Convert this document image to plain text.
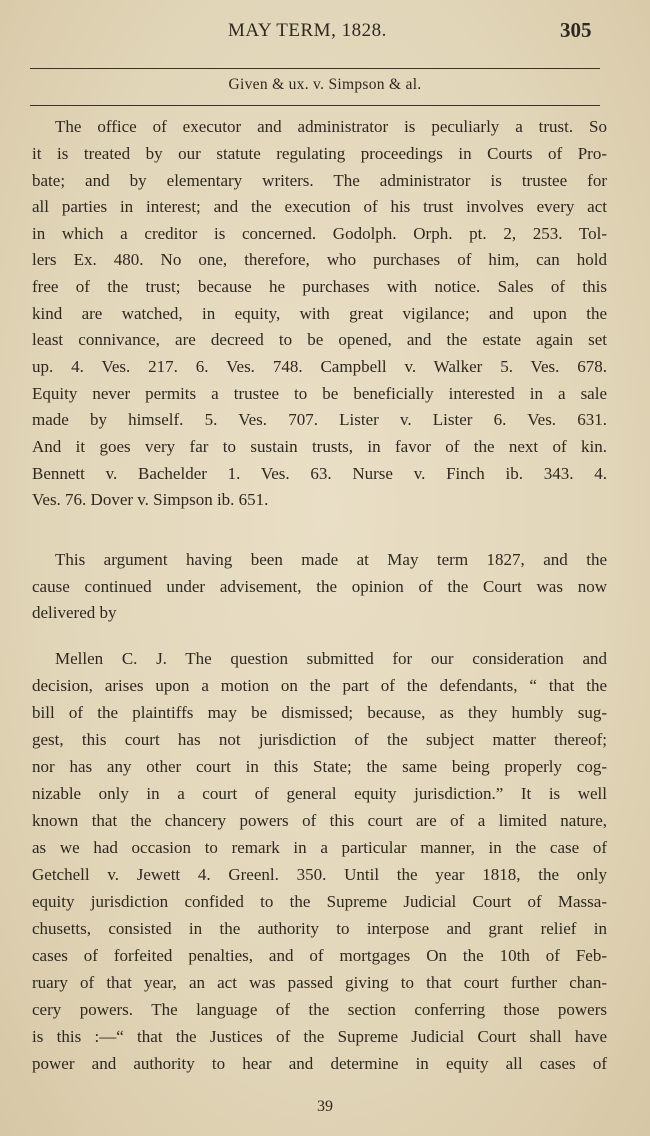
MAY TERM, 1828.	305
Given & ux. v. Simpson & al.
The office of executor and administrator is peculiarly a trust. So
it is treated by our statute regulating proceedings in Courts of Pro-
bate; and by elementary writers. The administrator is trustee for
all parties in interest; and the execution of his trust involves every act
in which a creditor is concerned. Godolph. Orph. pt. 2, 253. Tol-
lers Ex. 480. No one, therefore, who purchases of him, can hold
free of the trust; because he purchases with notice. Sales of this
kind are watched, in equity, with great vigilance; and upon the
least connivance, are decreed to be opened, and the estate again set
up. 4. Ves. 217. 6. Ves. 748. Campbell v. Walker 5. Ves. 678.
Equity never permits a trustee to be beneficially interested in a sale
made by himself. 5. Ves. 707. Lister v. Lister 6. Ves. 631.
And it goes very far to sustain trusts, in favor of the next of kin.
Bennett v. Bachelder 1. Ves. 63. Nurse v. Finch ib. 343. 4.
Ves. 76. Dover v. Simpson ib. 651.
This argument having been made at May term 1827, and the
cause continued under advisement, the opinion of the Court was now
delivered by
Mellen C. J. The question submitted for our consideration and
decision, arises upon a motion on the part of the defendants, “ that the
bill of the plaintiffs may be dismissed; because, as they humbly sug-
gest, this court has not jurisdiction of the subject matter thereof;
nor has any other court in this State; the same being properly cog-
nizable only in a court of general equity jurisdiction.” It is well
known that the chancery powers of this court are of a limited nature,
as we had occasion to remark in a particular manner, in the case of
Getchell v. Jewett 4. Greenl. 350. Until the year 1818, the only
equity jurisdiction confided to the Supreme Judicial Court of Massa-
chusetts, consisted in the authority to interpose and grant relief in
cases of forfeited penalties, and of mortgages On the 10th of Feb-
ruary of that year, an act was passed giving to that court further chan-
cery powers. The language of the section conferring those powers
is this :—“ that the Justices of the Supreme Judicial Court shall have
power and authority to hear and determine in equity all cases of
39
